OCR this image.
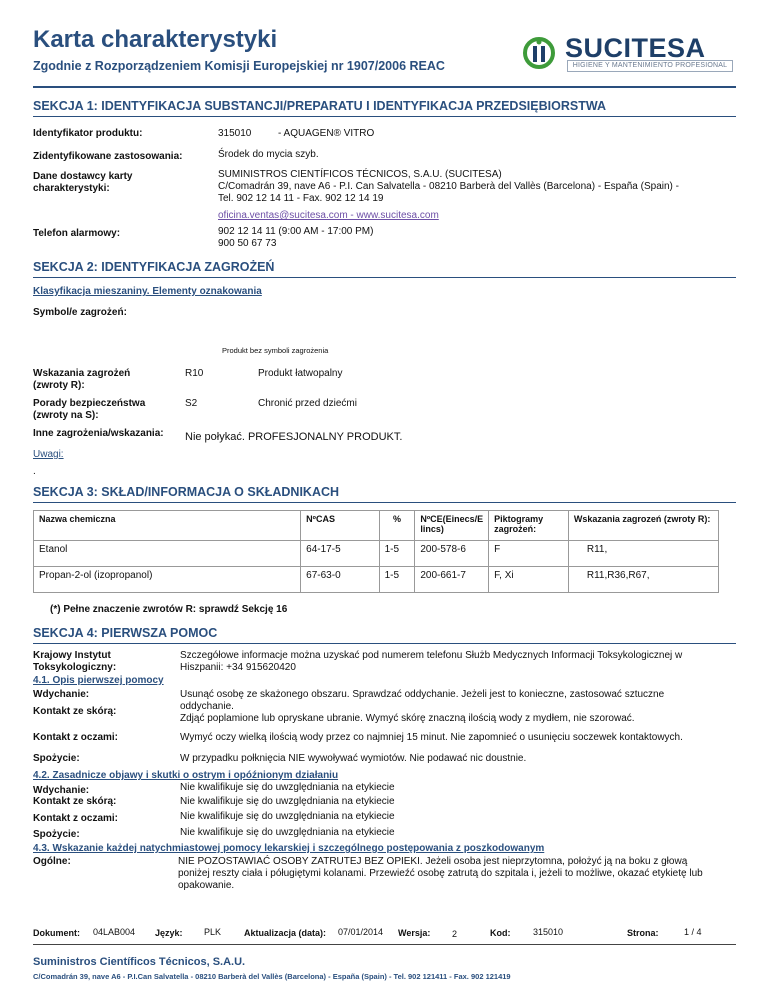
Karta charakterystyki
Zgodnie z Rozporządzeniem Komisji Europejskiej nr 1907/2006 REAC
SUCITESA
HIGIENE Y MANTENIMIENTO PROFESIONAL
SEKCJA 1: IDENTYFIKACJA SUBSTANCJI/PREPARATU I IDENTYFIKACJA PRZEDSIĘBIORSTWA
Identyfikator produktu:	315010	- AQUAGEN® VITRO
Zidentyfikowane zastosowania:	Środek do mycia szyb.
Dane dostawcy karty
charakterystyki:
SUMINISTROS CIENTÍFICOS TÉCNICOS, S.A.U. (SUCITESA)
C/Comadrán 39, nave A6 - P.I. Can Salvatella - 08210 Barberà del Vallès (Barcelona) - España (Spain) -
Tel. 902 12 14 11 - Fax. 902 12 14 19
oficina.ventas@sucitesa.com - www.sucitesa.com
Telefon alarmowy:	902 12 14 11 (9:00 AM - 17:00 PM)
900 50 67 73
SEKCJA 2: IDENTYFIKACJA ZAGROŻEŃ
Klasyfikacja mieszaniny. Elementy oznakowania
Symbol/e zagrożeń:
Produkt bez symboli zagrożenia
Wskazania zagrożeń
(zwroty R):
R10	Produkt łatwopalny
Porady bezpieczeństwa
(zwroty na S):
S2	Chronić przed dziećmi
Inne zagrożenia/wskazania: Nie połykać. PROFESJONALNY PRODUKT.
Uwagi:
.
SEKCJA 3: SKŁAD/INFORMACJA O SKŁADNIKACH
Nazwa chemiczna	NºCAS	%	NºCE(Einecs/E lincs)	Piktogramy zagrożeń:	Wskazania zagrozeń (zwroty R):
Etanol	64-17-5	1-5	200-578-6	F	R11,
Propan-2-ol (izopropanol)	67-63-0	1-5	200-661-7	F, Xi	R11,R36,R67,
(*) Pełne znaczenie zwrotów R: sprawdź Sekcję 16
SEKCJA 4: PIERWSZA POMOC
Krajowy Instytut
Toksykologiczny:
Szczegółowe informacje można uzyskać pod numerem telefonu Służb Medycznych Informacji Toksykologicznej w
Hiszpanii: +34 915620420
4.1. Opis pierwszej pomocy
Wdychanie:	Usunąć osobę ze skażonego obszaru. Sprawdzać oddychanie. Jeżeli jest to konieczne, zastosować sztuczne
oddychanie.
Kontakt ze skórą:
Zdjąć poplamione lub opryskane ubranie. Wymyć skórę znaczną ilością wody z mydłem, nie szorować.
Kontakt z oczami:	Wymyć oczy wielką ilością wody przez co najmniej 15 minut. Nie zapomnieć o usunięciu soczewek kontaktowych.
Spożycie:	W przypadku połknięcia NIE wywoływać wymiotów. Nie podawać nic doustnie.
4.2. Zasadnicze objawy i skutki o ostrym i opóźnionym działaniu
Wdychanie:	Nie kwalifikuje się do uwzględniania na etykiecie
Kontakt ze skórą:	Nie kwalifikuje się do uwzględniania na etykiecie
Kontakt z oczami:	Nie kwalifikuje się do uwzględniania na etykiecie
Spożycie:	Nie kwalifikuje się do uwzględniania na etykiecie
4.3. Wskazanie każdej natychmiastowej pomocy lekarskiej i szczególnego postępowania z poszkodowanym
Ogólne:	NIE POZOSTAWIAĆ OSOBY ZATRUTEJ BEZ OPIEKI. Jeżeli osoba jest nieprzytomna, położyć ją na boku z głową
poniżej reszty ciała i póługiętymi kolanami. Przewieźć osobę zatrutą do szpitala i, jeżeli to możliwe, okazać etykietę lub
opakowanie.
Dokument: 04LAB004 Język: PLK	Aktualizacja (data): 07/01/2014 Wersja: 2	Kod:	315010	Strona:	1 / 4
Suministros Científicos Técnicos, S.A.U.
C/Comadrán 39, nave A6 - P.I.Can Salvatella - 08210 Barberà del Vallès (Barcelona) - España (Spain) - Tel. 902 121411 - Fax. 902 121419
